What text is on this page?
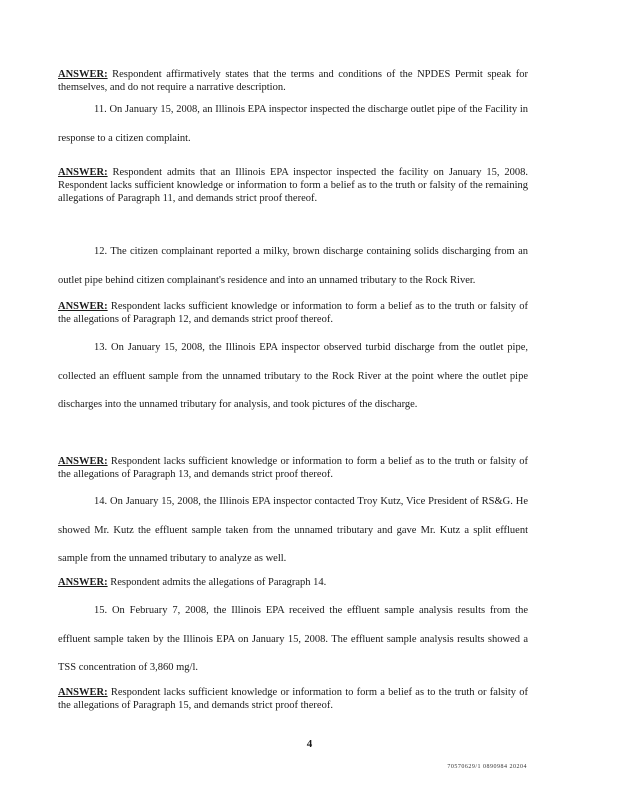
ANSWER: Respondent affirmatively states that the terms and conditions of the NPDES Permit speak for themselves, and do not require a narrative description.
11. On January 15, 2008, an Illinois EPA inspector inspected the discharge outlet pipe of the Facility in response to a citizen complaint.
ANSWER: Respondent admits that an Illinois EPA inspector inspected the facility on January 15, 2008. Respondent lacks sufficient knowledge or information to form a belief as to the truth or falsity of the remaining allegations of Paragraph 11, and demands strict proof thereof.
12. The citizen complainant reported a milky, brown discharge containing solids discharging from an outlet pipe behind citizen complainant's residence and into an unnamed tributary to the Rock River.
ANSWER: Respondent lacks sufficient knowledge or information to form a belief as to the truth or falsity of the allegations of Paragraph 12, and demands strict proof thereof.
13. On January 15, 2008, the Illinois EPA inspector observed turbid discharge from the outlet pipe, collected an effluent sample from the unnamed tributary to the Rock River at the point where the outlet pipe discharges into the unnamed tributary for analysis, and took pictures of the discharge.
ANSWER: Respondent lacks sufficient knowledge or information to form a belief as to the truth or falsity of the allegations of Paragraph 13, and demands strict proof thereof.
14. On January 15, 2008, the Illinois EPA inspector contacted Troy Kutz, Vice President of RS&G. He showed Mr. Kutz the effluent sample taken from the unnamed tributary and gave Mr. Kutz a split effluent sample from the unnamed tributary to analyze as well.
ANSWER: Respondent admits the allegations of Paragraph 14.
15. On February 7, 2008, the Illinois EPA received the effluent sample analysis results from the effluent sample taken by the Illinois EPA on January 15, 2008. The effluent sample analysis results showed a TSS concentration of 3,860 mg/l.
ANSWER: Respondent lacks sufficient knowledge or information to form a belief as to the truth or falsity of the allegations of Paragraph 15, and demands strict proof thereof.
4
70570629/1 0890984 20204
